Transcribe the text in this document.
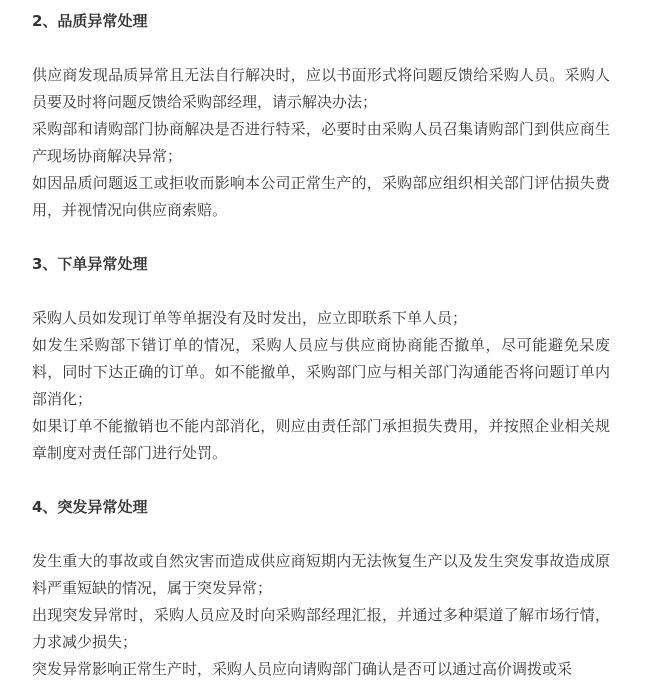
2、品质异常处理

供应商发现品质异常且无法自行解决时，应以书面形式将问题反馈给采购人员。采购人员要及时将问题反馈给采购部经理，请示解决办法；

采购部和请购部门协商解决是否进行特采，必要时由采购人员召集请购部门到供应商生产现场协商解决异常；

如因品质问题返工或拒收而影响本公司正常生产的，采购部应组织相关部门评估损失费用，并视情况向供应商索赔。

3、下单异常处理

采购人员如发现订单等单据没有及时发出，应立即联系下单人员；

如发生采购部下错订单的情况，采购人员应与供应商协商能否撤单，尽可能避免呆废料，同时下达正确的订单。如不能撤单，采购部门应与相关部门沟通能否将问题订单内部消化；

如果订单不能撤销也不能内部消化，则应由责任部门承担损失费用，并按照企业相关规章制度对责任部门进行处罚。

4、突发异常处理

发生重大的事故或自然灾害而造成供应商短期内无法恢复生产以及发生突发事故造成原料严重短缺的情况，属于突发异常；

出现突发异常时，采购人员应及时向采购部经理汇报，并通过多种渠道了解市场行情，力求减少损失；

突发异常影响正常生产时，采购人员应向请购部门确认是否可以通过高价调拨或采
